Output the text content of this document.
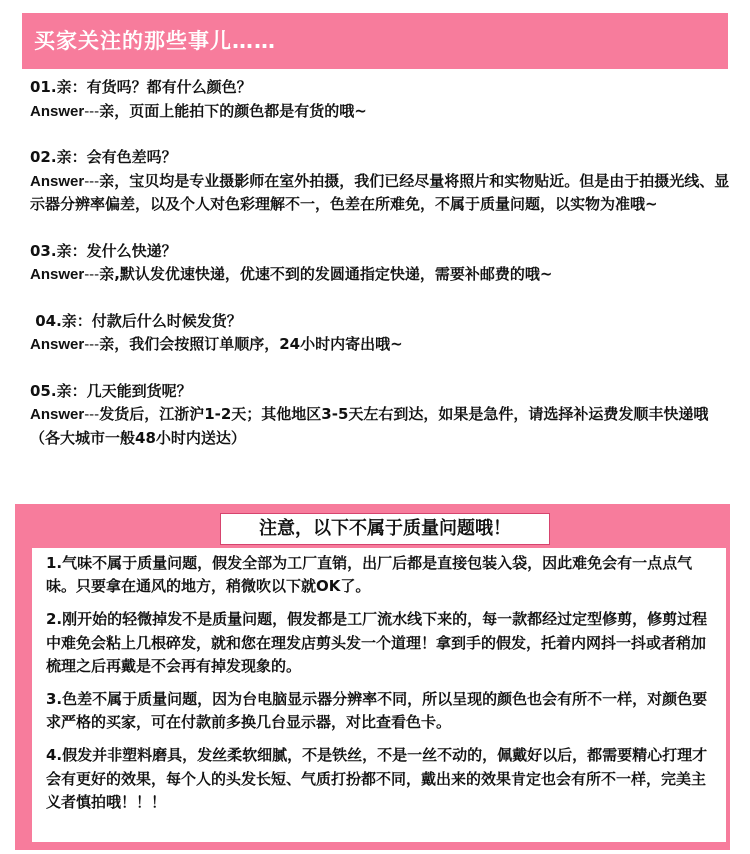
买家关注的那些事儿……
01.亲：有货吗？都有什么颜色？
Answer---亲，页面上能拍下的颜色都是有货的哦~
02.亲：会有色差吗？
Answer---亲，宝贝均是专业摄影师在室外拍摄，我们已经尽量将照片和实物贴近。但是由于拍摄光线、显示器分辨率偏差，以及个人对色彩理解不一，色差在所难免，不属于质量问题，以实物为准哦~
03.亲：发什么快递？
Answer---亲,默认发优速快递，优速不到的发圆通指定快递，需要补邮费的哦~
04.亲：付款后什么时候发货？
Answer---亲，我们会按照订单顺序，24小时内寄出哦~
05.亲：几天能到货呢？
Answer---发货后，江浙沪1-2天；其他地区3-5天左右到达，如果是急件，请选择补运费发顺丰快递哦（各大城市一般48小时内送达）
注意，以下不属于质量问题哦！

1.气味不属于质量问题，假发全部为工厂直销，出厂后都是直接包装入袋，因此难免会有一点点气味。只要拿在通风的地方，稍微吹以下就OK了。

2.刚开始的轻微掉发不是质量问题，假发都是工厂流水线下来的，每一款都经过定型修剪，修剪过程中难免会粘上几根碎发，就和您在理发店剪头发一个道理！拿到手的假发，托着内网抖一抖或者稍加梳理之后再戴是不会再有掉发现象的。

3.色差不属于质量问题，因为台电脑显示器分辨率不同，所以呈现的颜色也会有所不一样，对颜色要求严格的买家，可在付款前多换几台显示器，对比查看色卡。

4.假发并非塑料磨具，发丝柔软细腻，不是铁丝，不是一丝不动的，佩戴好以后，都需要精心打理才会有更好的效果，每个人的头发长短、气质打扮都不同，戴出来的效果肯定也会有所不一样，完美主义者慎拍哦！！！
